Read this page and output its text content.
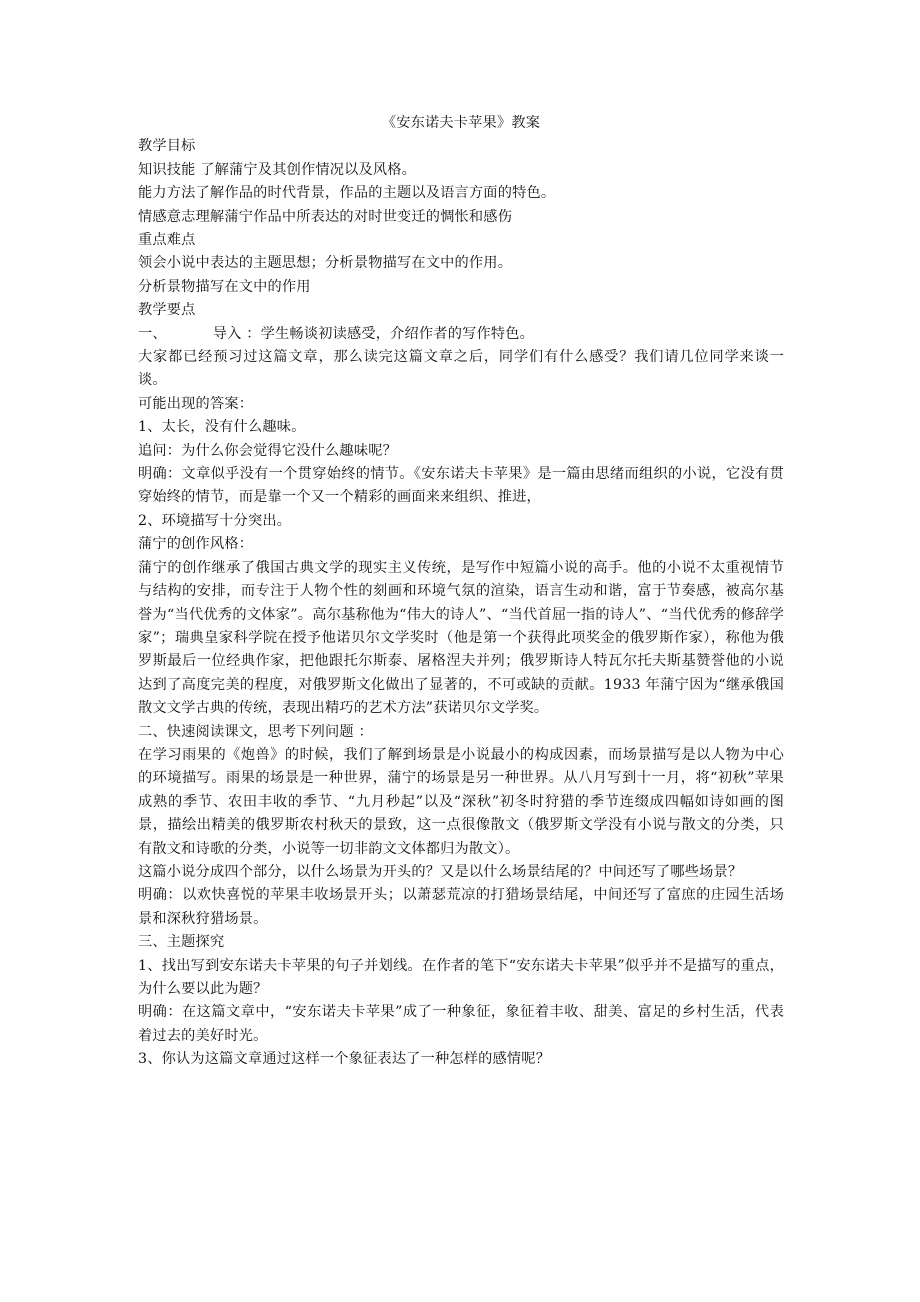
《安东诺夫卡苹果》教案

教学目标

知识技能 了解蒲宁及其创作情况以及风格。

能力方法了解作品的时代背景，作品的主题以及语言方面的特色。

情感意志理解蒲宁作品中所表达的对时世变迁的惆怅和感伤

重点难点

领会小说中表达的主题思想；分析景物描写在文中的作用。

分析景物描写在文中的作用

教学要点

一、	导入 ：学生畅谈初读感受，介绍作者的写作特色。

大家都已经预习过这篇文章，那么读完这篇文章之后，同学们有什么感受？我们请几位同学来谈一谈。

可能出现的答案：

1、太长，没有什么趣味。

追问：为什么你会觉得它没什么趣味呢？

明确：文章似乎没有一个贯穿始终的情节。《安东诺夫卡苹果》是一篇由思绪而组织的小说，它没有贯穿始终的情节，而是靠一个又一个精彩的画面来来组织、推进，

2、环境描写十分突出。

蒲宁的创作风格：

蒲宁的创作继承了俄国古典文学的现实主义传统，是写作中短篇小说的高手。他的小说不太重视情节与结构的安排，而专注于人物个性的刻画和环境气氛的渲染，语言生动和谐，富于节奏感，被高尔基誉为“当代优秀的文体家”。高尔基称他为“伟大的诗人”、“当代首屈一指的诗人”、“当代优秀的修辞学家”；瑞典皇家科学院在授予他诺贝尔文学奖时（他是第一个获得此项奖金的俄罗斯作家），称他为俄罗斯最后一位经典作家，把他跟托尔斯泰、屠格涅夫并列；俄罗斯诗人特瓦尔托夫斯基赞誉他的小说达到了高度完美的程度，对俄罗斯文化做出了显著的，不可或缺的贡献。1933 年蒲宁因为“继承俄国散文文学古典的传统，表现出精巧的艺术方法”获诺贝尔文学奖。

二、快速阅读课文，思考下列问题 ：

在学习雨果的《炮兽》的时候，我们了解到场景是小说最小的构成因素，而场景描写是以人物为中心的环境描写。雨果的场景是一种世界，蒲宁的场景是另一种世界。从八月写到十一月，将“初秋”苹果成熟的季节、农田丰收的季节、“九月秒起”以及“深秋”初冬时狩猎的季节连缀成四幅如诗如画的图景，描绘出精美的俄罗斯农村秋天的景致，这一点很像散文（俄罗斯文学没有小说与散文的分类，只有散文和诗歌的分类，小说等一切非韵文文体都归为散文）。

这篇小说分成四个部分，以什么场景为开头的？又是以什么场景结尾的？中间还写了哪些场景？

明确：以欢快喜悦的苹果丰收场景开头；以萧瑟荒凉的打猎场景结尾，中间还写了富庶的庄园生活场景和深秋狩猎场景。

三、主题探究

1、找出写到安东诺夫卡苹果的句子并划线。在作者的笔下“安东诺夫卡苹果”似乎并不是描写的重点，为什么要以此为题？

明确：在这篇文章中，“安东诺夫卡苹果”成了一种象征，象征着丰收、甜美、富足的乡村生活，代表着过去的美好时光。

3、你认为这篇文章通过这样一个象征表达了一种怎样的感情呢？
